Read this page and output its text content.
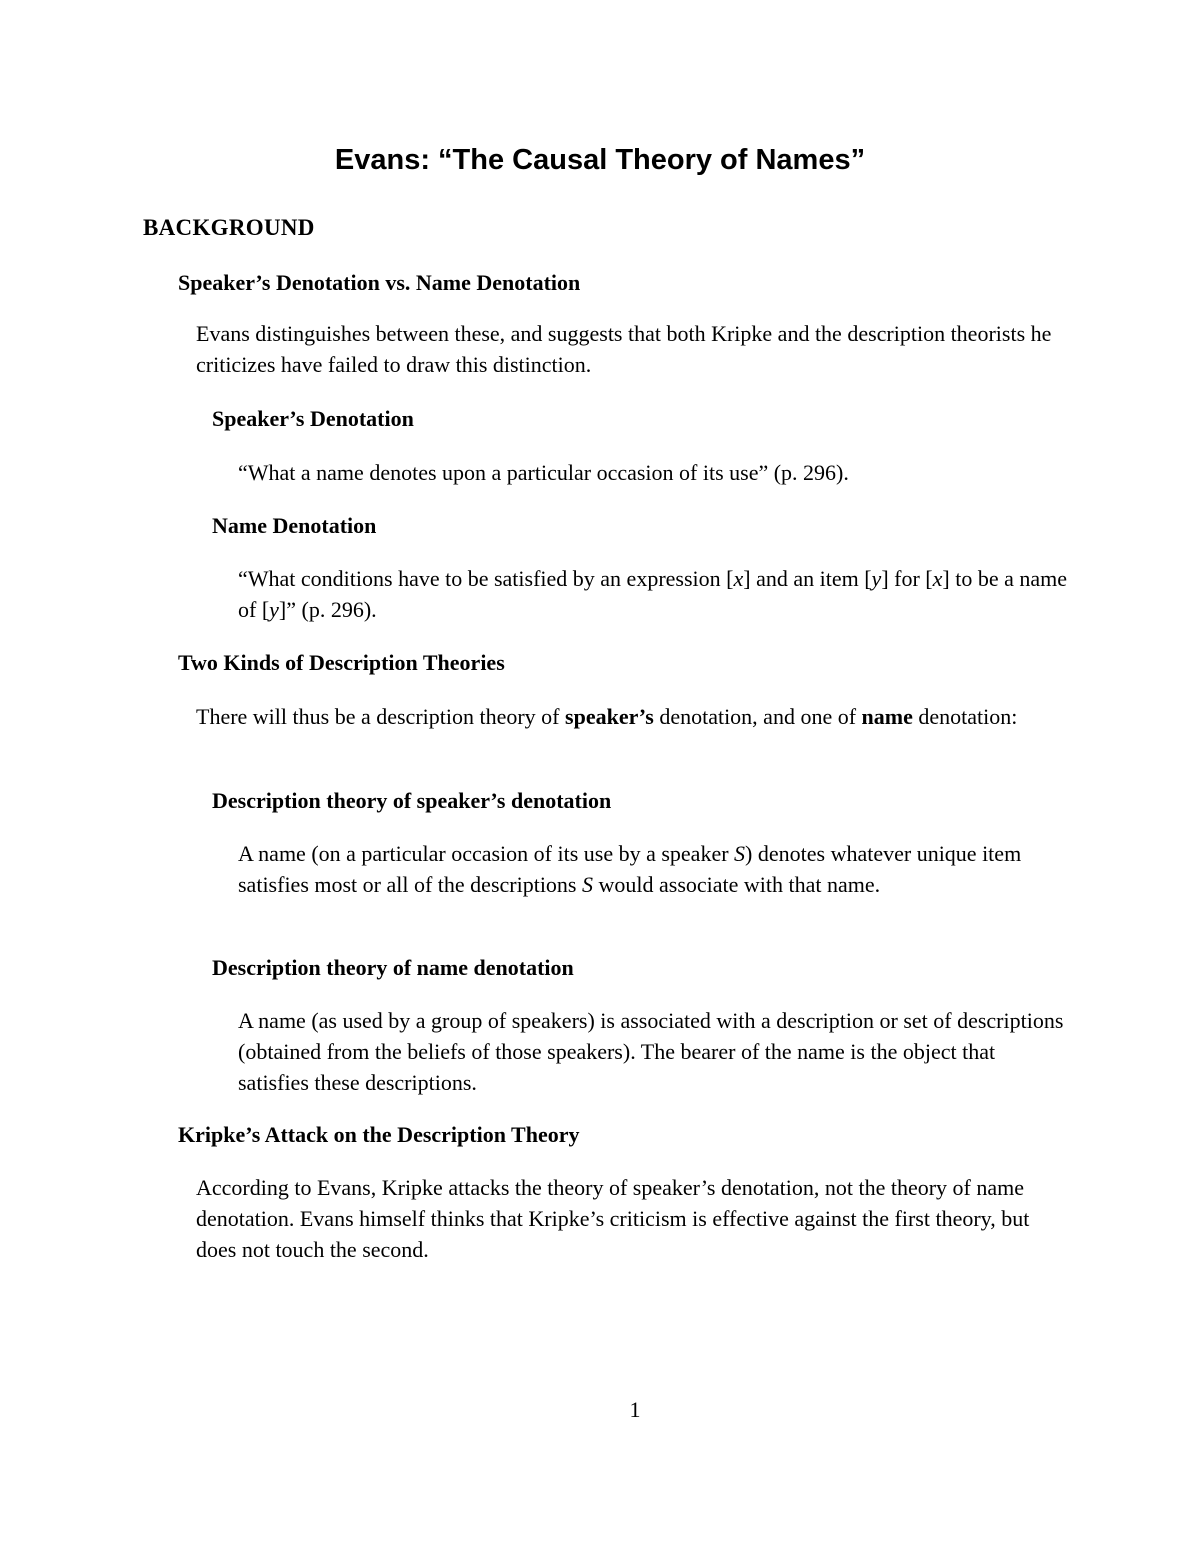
Evans: “The Causal Theory of Names”
BACKGROUND
Speaker’s Denotation vs. Name Denotation

Evans distinguishes between these, and suggests that both Kripke and the description theorists he criticizes have failed to draw this distinction.

Speaker’s Denotation

“What a name denotes upon a particular occasion of its use” (p. 296).

Name Denotation

“What conditions have to be satisfied by an expression [x] and an item [y] for [x] to be a name of [y]” (p. 296).

Two Kinds of Description Theories

There will thus be a description theory of speaker’s denotation, and one of name denotation:

Description theory of speaker’s denotation

A name (on a particular occasion of its use by a speaker S) denotes whatever unique item satisfies most or all of the descriptions S would associate with that name.

Description theory of name denotation

A name (as used by a group of speakers) is associated with a description or set of descriptions (obtained from the beliefs of those speakers). The bearer of the name is the object that satisfies these descriptions.

Kripke’s Attack on the Description Theory

According to Evans, Kripke attacks the theory of speaker’s denotation, not the theory of name denotation. Evans himself thinks that Kripke’s criticism is effective against the first theory, but does not touch the second.

1
